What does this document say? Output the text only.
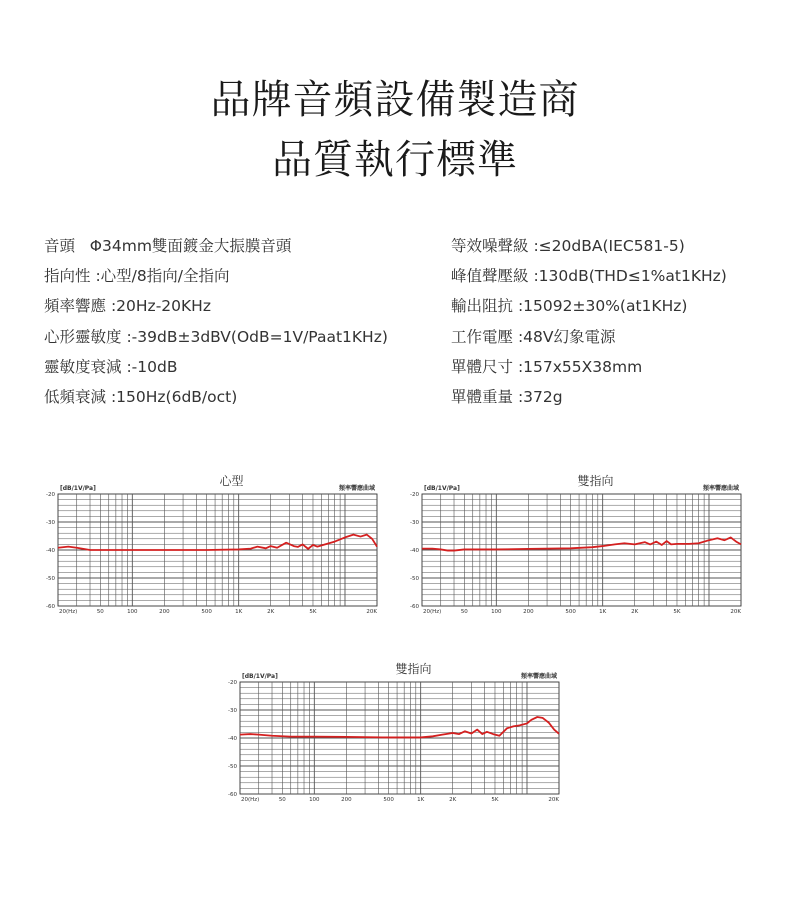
品牌音頻設備製造商
品質執行標準
音頭 Φ34mm雙面鍍金大振膜音頭
指向性 :心型/8指向/全指向
頻率響應 :20Hz-20KHz
心形靈敏度 :-39dB±3dBV(OdB=1V/Paat1KHz)
靈敏度衰減 :-10dB
低頻衰減 :150Hz(6dB/oct)
等效噪聲級 :≤20dBA(IEC581-5)
峰值聲壓級 :130dB(THD≤1%at1KHz)
輸出阻抗 :15092±30%(at1KHz)
工作電壓 :48V幻象電源
單體尺寸 :157x55X38mm
單體重量 :372g
-20
-30
-40
-50
-60
20(Hz)	50	100	200	500	1K	2K	5K	20K
[dB/1V/Pa]
心型
頻率響應曲域
-20
-30
-40
-50
-60
20(Hz)	50	100	200	500	1K	2K	5K	20K
[dB/1V/Pa]
雙指向
頻率響應曲域
-20
-30
-40
-50
-60
20(Hz)	50	100	200	500	1K	2K	5K	20K
[dB/1V/Pa]
雙指向
頻率響應曲域
